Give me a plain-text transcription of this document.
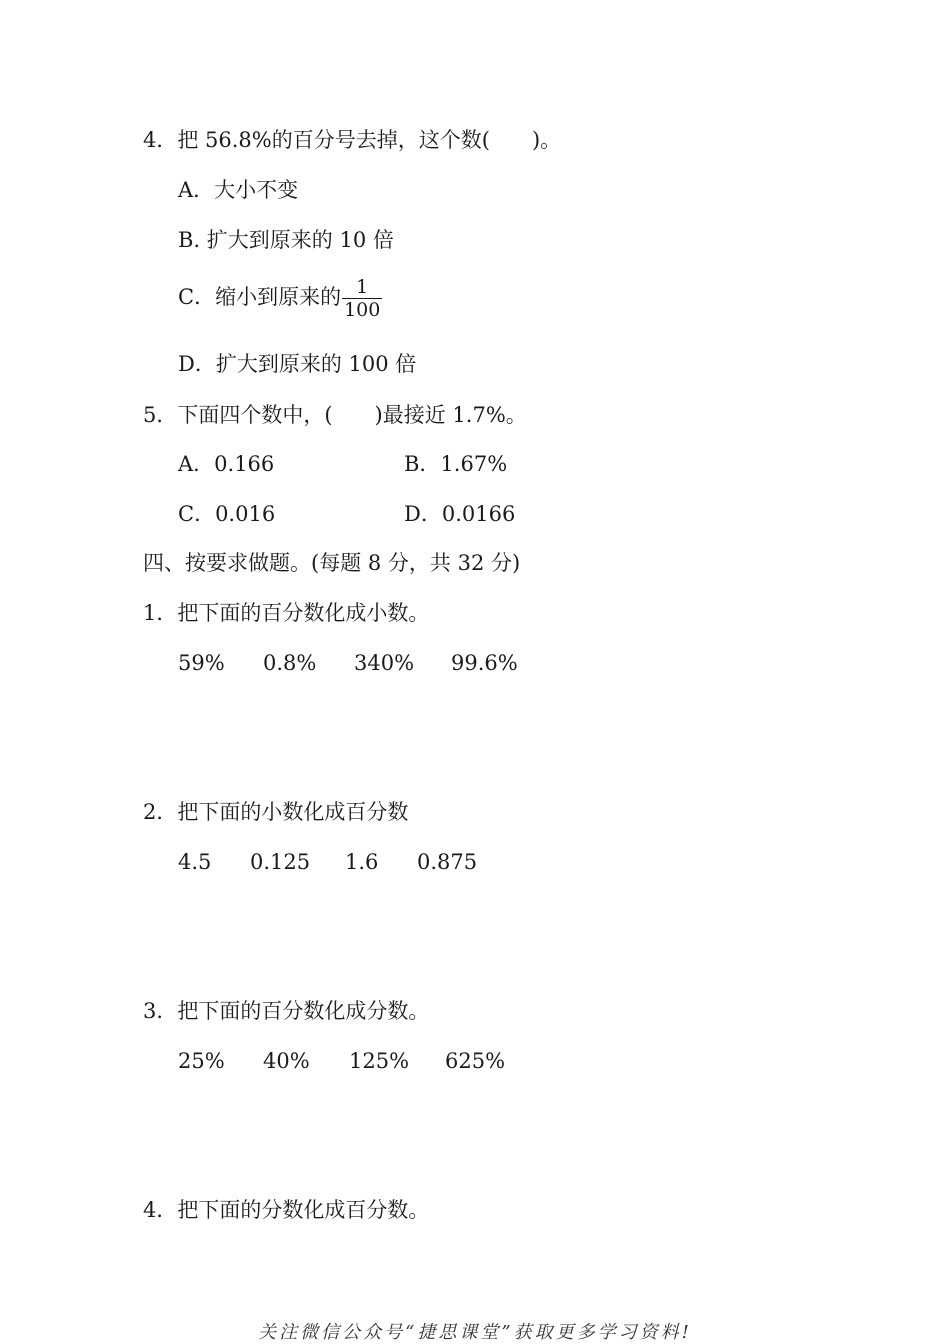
4．把 56.8%的百分号去掉，这个数(　　)。
A．大小不变
B. 扩大到原来的 10 倍
C．缩小到原来的 $\frac{1}{100}$
D．扩大到原来的 100 倍
5．下面四个数中，(　　)最接近 1.7%。
A．0.166	B．1.67%
C．0.016	D．0.0166
四、按要求做题。(每题 8 分，共 32 分)
1．把下面的百分数化成小数。
59% 0.8% 340% 99.6%
2．把下面的小数化成百分数
4.5 0.125 1.6 0.875
3．把下面的百分数化成分数。
25% 40% 125% 625%
4．把下面的分数化成百分数。
关注微信公众号“捷思课堂”获取更多学习资料!
